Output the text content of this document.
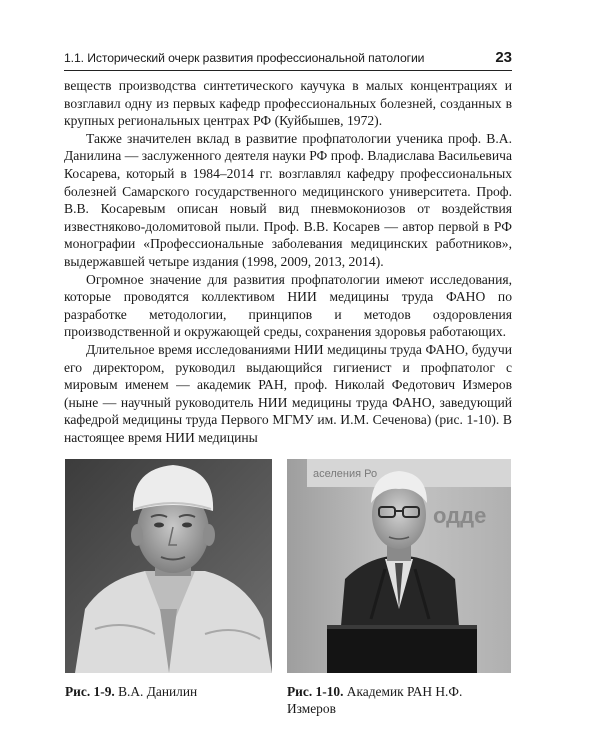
1.1. Исторический очерк развития профессиональной патологии	23

веществ производства синтетического каучука в малых концентрациях и возглавил одну из первых кафедр профессиональных болезней, созданных в крупных региональных центрах РФ (Куйбышев, 1972).

Также значителен вклад в развитие профпатологии ученика проф. В.А. Данилина — заслуженного деятеля науки РФ проф. Владислава Васильевича Косарева, который в 1984–2014 гг. возглавлял кафедру профессиональных болезней Самарского государственного медицинского университета. Проф. В.В. Косаревым описан новый вид пневмокониозов от воздействия известняково-доломитовой пыли. Проф. В.В. Косарев — автор первой в РФ монографии «Профессиональные заболевания медицинских работников», выдержавшей четыре издания (1998, 2009, 2013, 2014).

Огромное значение для развития профпатологии имеют исследования, которые проводятся коллективом НИИ медицины труда ФАНО по разработке методологии, принципов и методов оздоровления производственной и окружающей среды, сохранения здоровья работающих.

Длительное время исследованиями НИИ медицины труда ФАНО, будучи его директором, руководил выдающийся гигиенист и профпатолог с мировым именем — академик РАН, проф. Николай Федотович Измеров (ныне — научный руководитель НИИ медицины труда ФАНО, заведующий кафедрой медицины труда Первого МГМУ им. И.М. Сеченова) (рис. 1-10). В настоящее время НИИ медицины

аселения Ро
одде
Рис. 1-9. В.А. Данилин	Рис. 1-10. Академик РАН Н.Ф. Измеров
